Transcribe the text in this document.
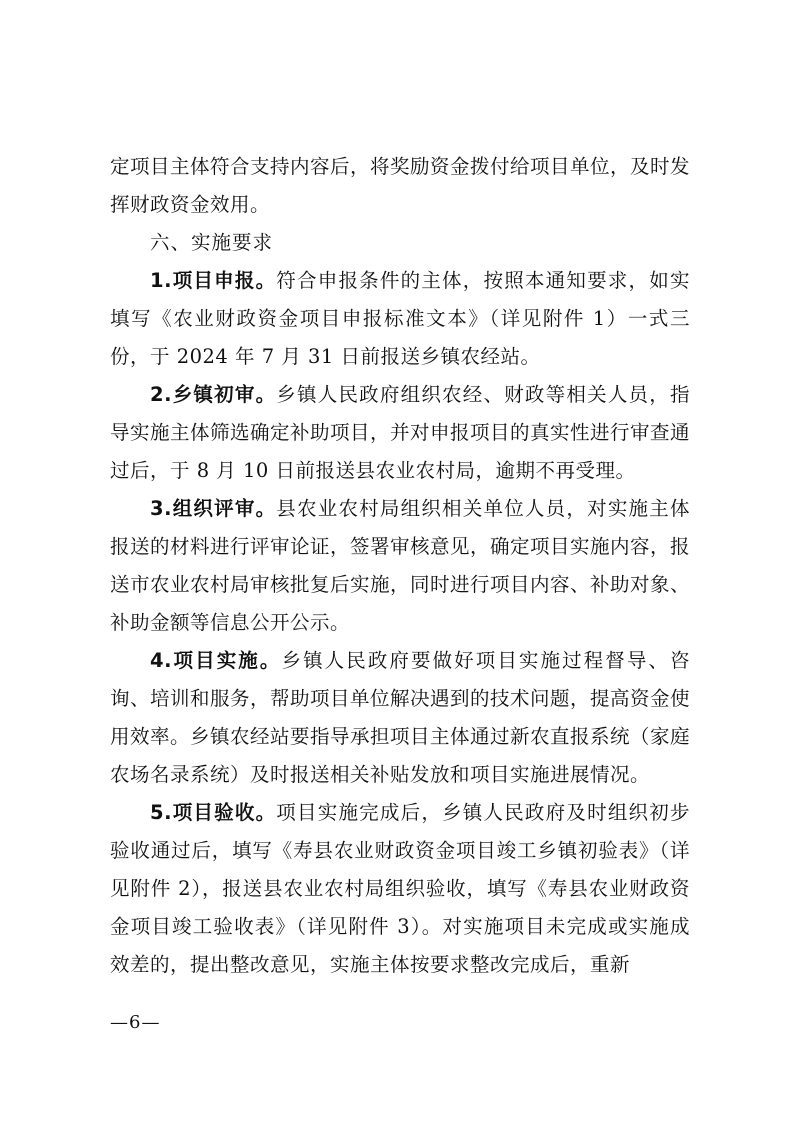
定项目主体符合支持内容后，将奖励资金拨付给项目单位，及时发挥财政资金效用。

六、实施要求

1.项目申报。符合申报条件的主体，按照本通知要求，如实填写《农业财政资金项目申报标准文本》（详见附件 1）一式三份，于 2024 年 7 月 31 日前报送乡镇农经站。

2.乡镇初审。乡镇人民政府组织农经、财政等相关人员，指导实施主体筛选确定补助项目，并对申报项目的真实性进行审查通过后，于 8 月 10 日前报送县农业农村局，逾期不再受理。

3.组织评审。县农业农村局组织相关单位人员，对实施主体报送的材料进行评审论证，签署审核意见，确定项目实施内容，报送市农业农村局审核批复后实施，同时进行项目内容、补助对象、补助金额等信息公开公示。

4.项目实施。乡镇人民政府要做好项目实施过程督导、咨询、培训和服务，帮助项目单位解决遇到的技术问题，提高资金使用效率。乡镇农经站要指导承担项目主体通过新农直报系统（家庭农场名录系统）及时报送相关补贴发放和项目实施进展情况。

5.项目验收。项目实施完成后，乡镇人民政府及时组织初步验收通过后，填写《寿县农业财政资金项目竣工乡镇初验表》（详见附件 2），报送县农业农村局组织验收，填写《寿县农业财政资金项目竣工验收表》（详见附件 3）。对实施项目未完成或实施成效差的，提出整改意见，实施主体按要求整改完成后，重新

—6—
